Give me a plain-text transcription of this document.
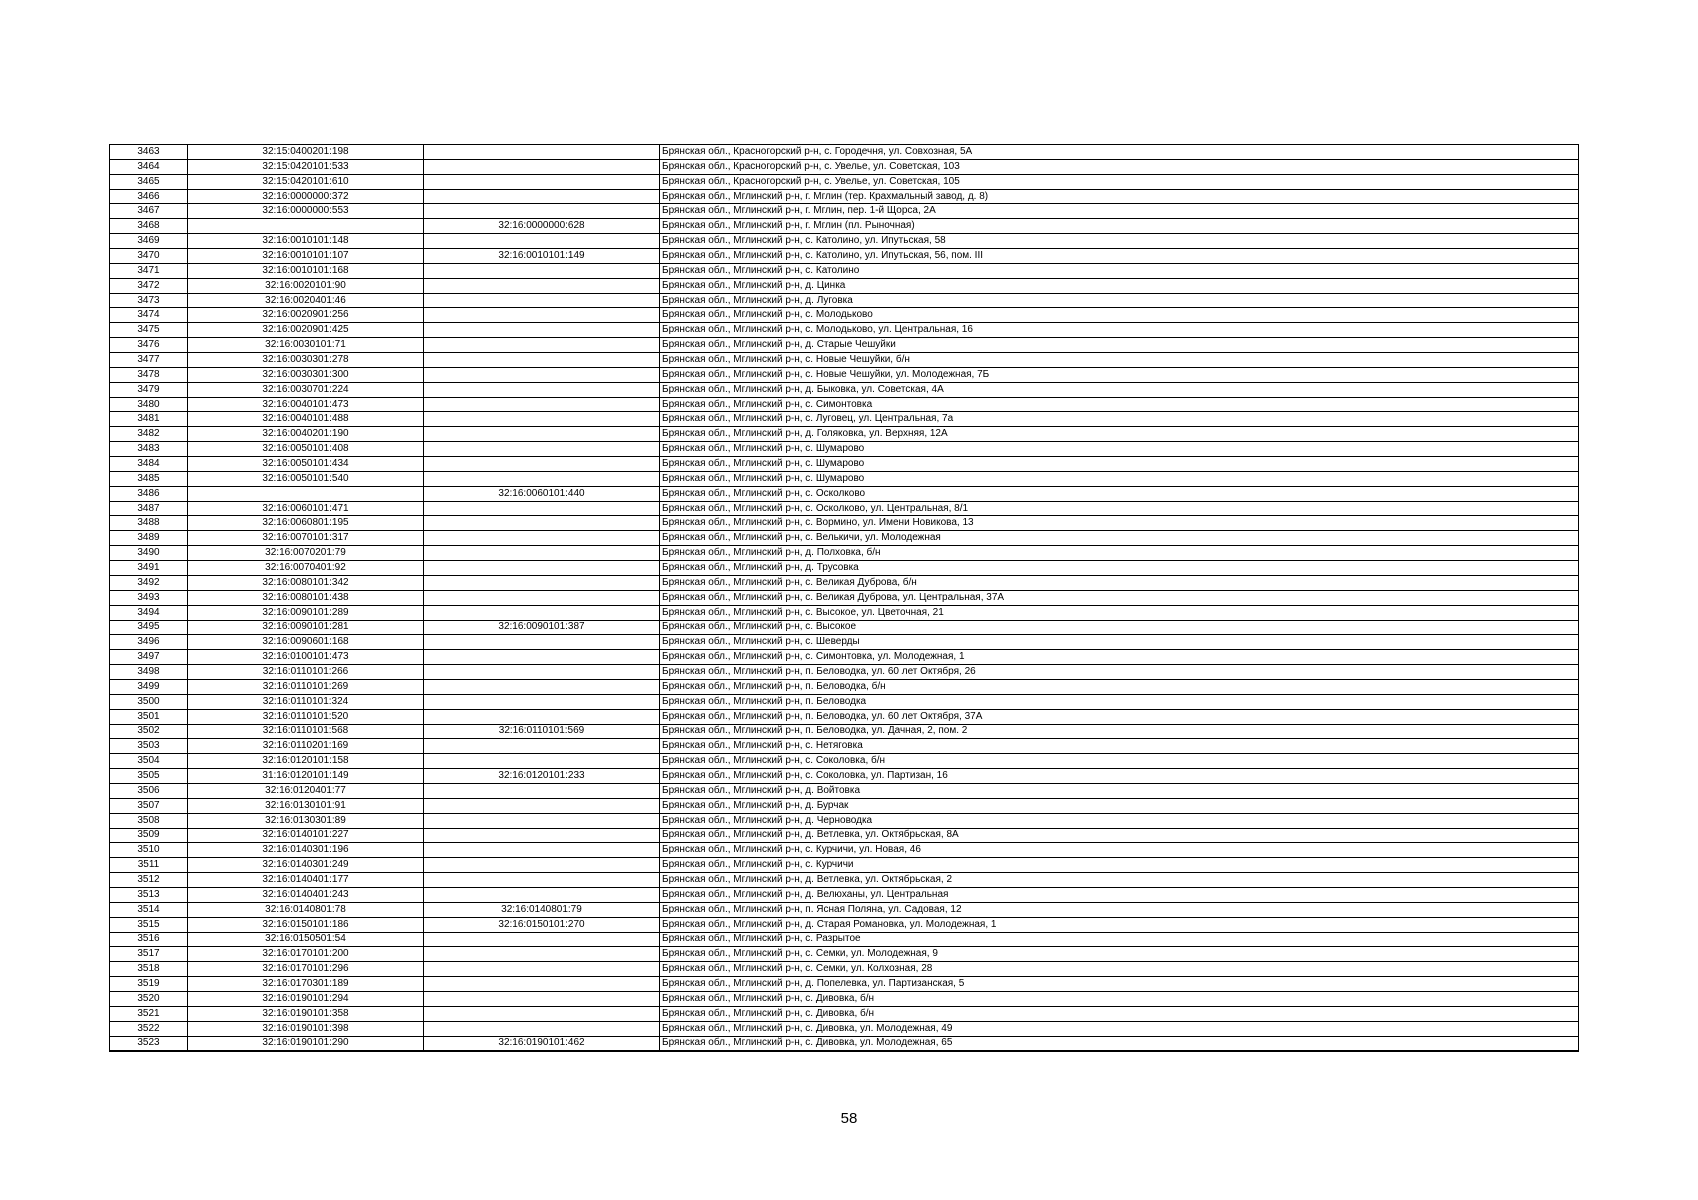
3463	32:15:0400201:198		Брянская обл., Красногорский р-н, с. Городечня, ул. Совхозная, 5А
3464	32:15:0420101:533		Брянская обл., Красногорский р-н, с. Увелье, ул. Советская, 103
3465	32:15:0420101:610		Брянская обл., Красногорский р-н, с. Увелье, ул. Советская, 105
3466	32:16:0000000:372		Брянская обл., Мглинский р-н, г. Мглин (тер. Крахмальный завод, д. 8)
3467	32:16:0000000:553		Брянская обл., Мглинский р-н, г. Мглин, пер. 1-й Щорса, 2А
3468		32:16:0000000:628	Брянская обл., Мглинский р-н, г. Мглин (пл. Рыночная)
3469	32:16:0010101:148		Брянская обл., Мглинский р-н, с. Католино, ул. Ипутьская, 58
3470	32:16:0010101:107	32:16:0010101:149	Брянская обл., Мглинский р-н, с. Католино, ул. Ипутьская, 56, пом. III
3471	32:16:0010101:168		Брянская обл., Мглинский р-н, с. Католино
3472	32:16:0020101:90		Брянская обл., Мглинский р-н, д. Цинка
3473	32:16:0020401:46		Брянская обл., Мглинский р-н, д. Луговка
3474	32:16:0020901:256		Брянская обл., Мглинский р-н, с. Молодьково
3475	32:16:0020901:425		Брянская обл., Мглинский р-н, с. Молодьково, ул. Центральная, 16
3476	32:16:0030101:71		Брянская обл., Мглинский р-н, д. Старые Чешуйки
3477	32:16:0030301:278		Брянская обл., Мглинский р-н, с. Новые Чешуйки, б/н
3478	32:16:0030301:300		Брянская обл., Мглинский р-н, с. Новые Чешуйки, ул. Молодежная, 7Б
3479	32:16:0030701:224		Брянская обл., Мглинский р-н, д. Быковка, ул. Советская, 4А
3480	32:16:0040101:473		Брянская обл., Мглинский р-н, с. Симонтовка
3481	32:16:0040101:488		Брянская обл., Мглинский р-н, с. Луговец, ул. Центральная, 7а
3482	32:16:0040201:190		Брянская обл., Мглинский р-н, д. Голяковка, ул. Верхняя, 12А
3483	32:16:0050101:408		Брянская обл., Мглинский р-н, с. Шумарово
3484	32:16:0050101:434		Брянская обл., Мглинский р-н, с. Шумарово
3485	32:16:0050101:540		Брянская обл., Мглинский р-н, с. Шумарово
3486		32:16:0060101:440	Брянская обл., Мглинский р-н, с. Осколково
3487	32:16:0060101:471		Брянская обл., Мглинский р-н, с. Осколково, ул. Центральная, 8/1
3488	32:16:0060801:195		Брянская обл., Мглинский р-н, с. Вормино, ул. Имени Новикова, 13
3489	32:16:0070101:317		Брянская обл., Мглинский р-н, с. Велькичи, ул. Молодежная
3490	32:16:0070201:79		Брянская обл., Мглинский р-н, д. Полховка, б/н
3491	32:16:0070401:92		Брянская обл., Мглинский р-н, д. Трусовка
3492	32:16:0080101:342		Брянская обл., Мглинский р-н, с. Великая Дуброва, б/н
3493	32:16:0080101:438		Брянская обл., Мглинский р-н, с. Великая Дуброва, ул. Центральная, 37А
3494	32:16:0090101:289		Брянская обл., Мглинский р-н, с. Высокое, ул. Цветочная, 21
3495	32:16:0090101:281	32:16:0090101:387	Брянская обл., Мглинский р-н, с. Высокое
3496	32:16:0090601:168		Брянская обл., Мглинский р-н, с. Шеверды
3497	32:16:0100101:473		Брянская обл., Мглинский р-н, с. Симонтовка, ул. Молодежная, 1
3498	32:16:0110101:266		Брянская обл., Мглинский р-н, п. Беловодка, ул. 60 лет Октября, 26
3499	32:16:0110101:269		Брянская обл., Мглинский р-н, п. Беловодка, б/н
3500	32:16:0110101:324		Брянская обл., Мглинский р-н, п. Беловодка
3501	32:16:0110101:520		Брянская обл., Мглинский р-н, п. Беловодка, ул. 60 лет Октября, 37А
3502	32:16:0110101:568	32:16:0110101:569	Брянская обл., Мглинский р-н, п. Беловодка, ул. Дачная, 2, пом. 2
3503	32:16:0110201:169		Брянская обл., Мглинский р-н, с. Нетяговка
3504	32:16:0120101:158		Брянская обл., Мглинский р-н, с. Соколовка, б/н
3505	31:16:0120101:149	32:16:0120101:233	Брянская обл., Мглинский р-н, с. Соколовка, ул. Партизан, 16
3506	32:16:0120401:77		Брянская обл., Мглинский р-н, д. Войтовка
3507	32:16:0130101:91		Брянская обл., Мглинский р-н, д. Бурчак
3508	32:16:0130301:89		Брянская обл., Мглинский р-н, д. Черноводка
3509	32:16:0140101:227		Брянская обл., Мглинский р-н, д. Ветлевка, ул. Октябрьская, 8А
3510	32:16:0140301:196		Брянская обл., Мглинский р-н, с. Курчичи, ул. Новая, 46
3511	32:16:0140301:249		Брянская обл., Мглинский р-н, с. Курчичи
3512	32:16:0140401:177		Брянская обл., Мглинский р-н, д. Ветлевка, ул. Октябрьская, 2
3513	32:16:0140401:243		Брянская обл., Мглинский р-н, д. Велюханы, ул. Центральная
3514	32:16:0140801:78	32:16:0140801:79	Брянская обл., Мглинский р-н, п. Ясная Поляна, ул. Садовая, 12
3515	32:16:0150101:186	32:16:0150101:270	Брянская обл., Мглинский р-н, д. Старая Романовка, ул. Молодежная, 1
3516	32:16:0150501:54		Брянская обл., Мглинский р-н, с. Разрытое
3517	32:16:0170101:200		Брянская обл., Мглинский р-н, с. Семки, ул. Молодежная, 9
3518	32:16:0170101:296		Брянская обл., Мглинский р-н, с. Семки, ул. Колхозная, 28
3519	32:16:0170301:189		Брянская обл., Мглинский р-н, д. Попелевка, ул. Партизанская, 5
3520	32:16:0190101:294		Брянская обл., Мглинский р-н, с. Дивовка, б/н
3521	32:16:0190101:358		Брянская обл., Мглинский р-н, с. Дивовка, б/н
3522	32:16:0190101:398		Брянская обл., Мглинский р-н, с. Дивовка, ул. Молодежная, 49
3523	32:16:0190101:290	32:16:0190101:462	Брянская обл., Мглинский р-н, с. Дивовка, ул. Молодежная, 65
58
